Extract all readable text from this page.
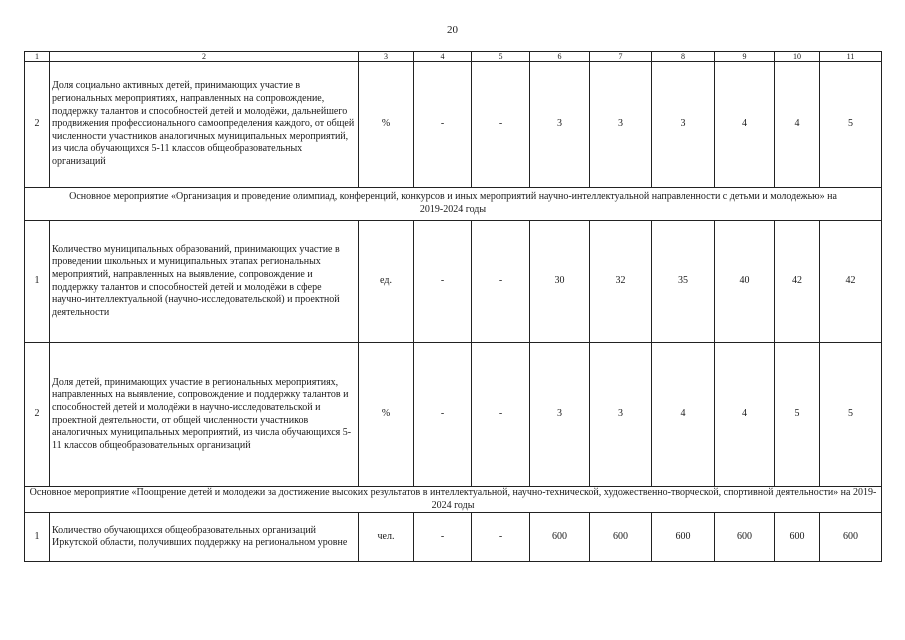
20
1	2	3	4	5	6	7	8	9	10	11
2	Доля социально активных детей, принимающих участие в региональных мероприятиях, направленных на сопровождение, поддержку талантов и способностей детей и молодёжи, дальнейшего продвижения профессионального самоопределения каждого, от общей численности участников аналогичных муниципальных мероприятий, из числа обучающихся 5-11 классов общеобразовательных организаций	%	-	-	3	3	3	4	4	5
Основное мероприятие «Организация и проведение олимпиад, конференций, конкурсов и иных мероприятий научно-интеллектуальной направленности с детьми и молодежью» на 2019-2024 годы										
1	Количество муниципальных образований, принимающих участие в проведении школьных и муниципальных этапах региональных мероприятий, направленных на выявление, сопровождение и поддержку талантов и способностей детей и молодёжи в сфере научно-интеллектуальной (научно-исследовательской) и проектной деятельности	ед.	-	-	30	32	35	40	42	42
2	Доля детей, принимающих участие в региональных мероприятиях, направленных на выявление, сопровождение и поддержку талантов и способностей детей и молодёжи в научно-исследовательской и проектной деятельности, от общей численности участников аналогичных муниципальных мероприятий, из числа обучающихся 5-11 классов общеобразовательных организаций	%	-	-	3	3	4	4	5	5
Основное мероприятие «Поощрение детей и молодежи за достижение высоких результатов в интеллектуальной, научно-технической, художественно-творческой, спортивной деятельности» на 2019-2024 годы										
1	Количество обучающихся общеобразовательных организаций Иркутской области, получивших поддержку на региональном уровне	чел.	-	-	600	600	600	600	600	600
